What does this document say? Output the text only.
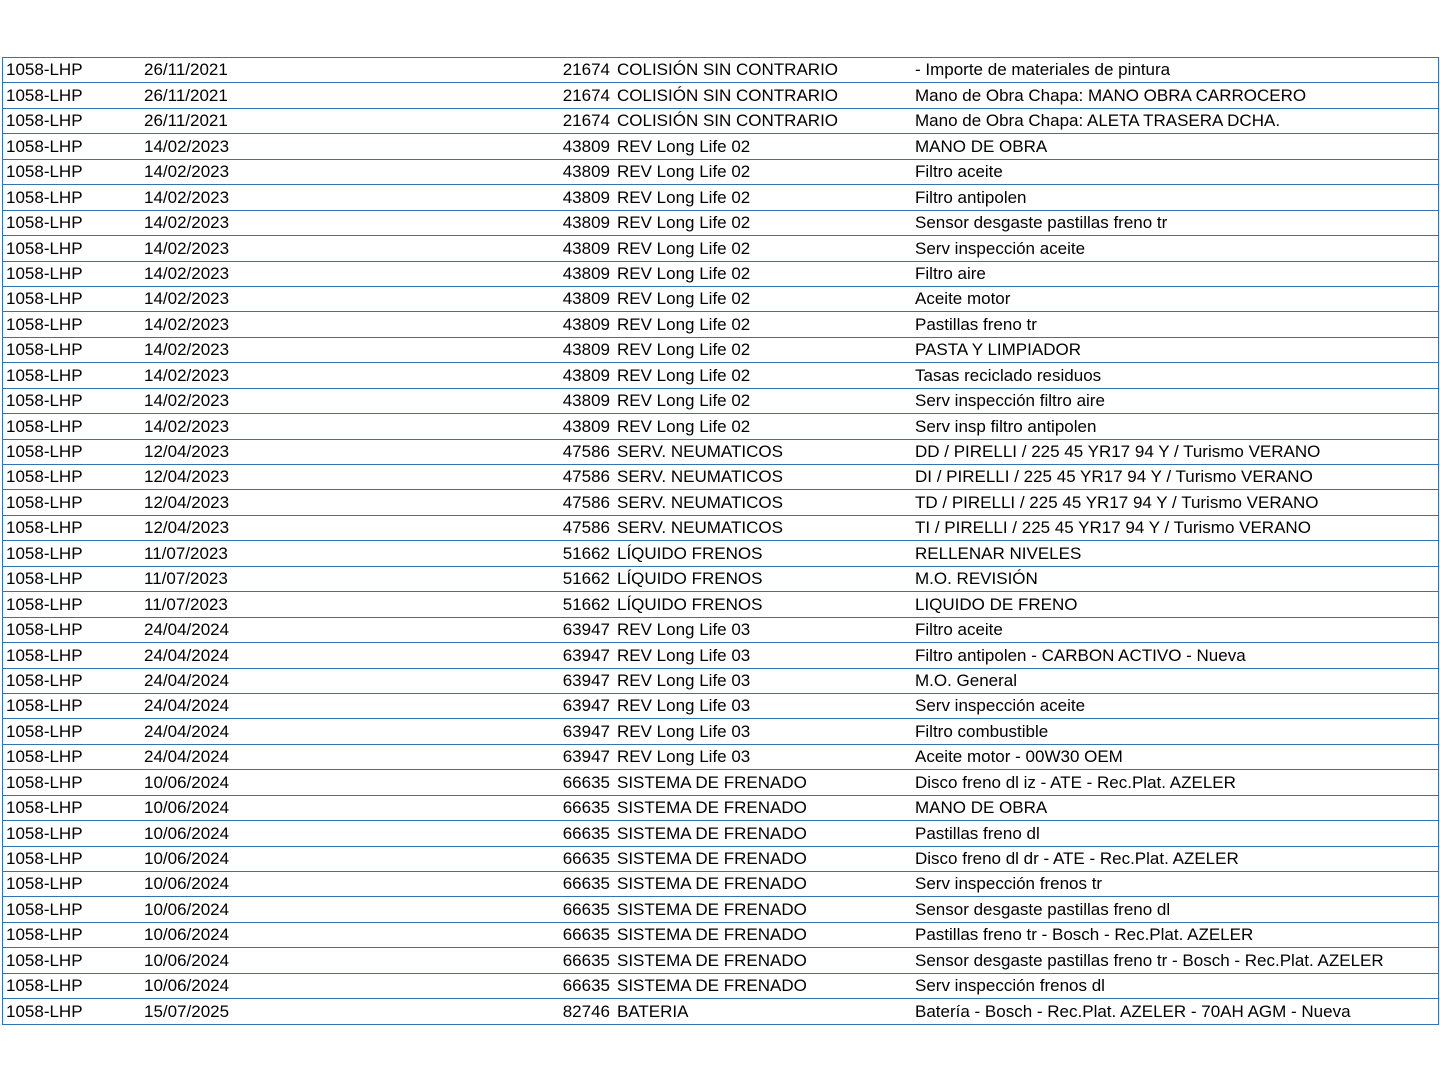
1058-LHP	26/11/2021	21674	COLISIÓN SIN CONTRARIO	- Importe de materiales de pintura
1058-LHP	26/11/2021	21674	COLISIÓN SIN CONTRARIO	Mano de Obra Chapa: MANO OBRA CARROCERO
1058-LHP	26/11/2021	21674	COLISIÓN SIN CONTRARIO	Mano de Obra Chapa: ALETA TRASERA DCHA.
1058-LHP	14/02/2023	43809	REV Long Life 02	MANO DE OBRA
1058-LHP	14/02/2023	43809	REV Long Life 02	Filtro aceite
1058-LHP	14/02/2023	43809	REV Long Life 02	Filtro antipolen
1058-LHP	14/02/2023	43809	REV Long Life 02	Sensor desgaste pastillas freno tr
1058-LHP	14/02/2023	43809	REV Long Life 02	Serv inspección aceite
1058-LHP	14/02/2023	43809	REV Long Life 02	Filtro aire
1058-LHP	14/02/2023	43809	REV Long Life 02	Aceite motor
1058-LHP	14/02/2023	43809	REV Long Life 02	Pastillas freno tr
1058-LHP	14/02/2023	43809	REV Long Life 02	PASTA Y LIMPIADOR
1058-LHP	14/02/2023	43809	REV Long Life 02	Tasas reciclado residuos
1058-LHP	14/02/2023	43809	REV Long Life 02	Serv inspección filtro aire
1058-LHP	14/02/2023	43809	REV Long Life 02	Serv insp filtro antipolen
1058-LHP	12/04/2023	47586	SERV. NEUMATICOS	DD / PIRELLI / 225 45 YR17 94 Y / Turismo VERANO
1058-LHP	12/04/2023	47586	SERV. NEUMATICOS	DI / PIRELLI / 225 45 YR17 94 Y / Turismo VERANO
1058-LHP	12/04/2023	47586	SERV. NEUMATICOS	TD / PIRELLI / 225 45 YR17 94 Y / Turismo VERANO
1058-LHP	12/04/2023	47586	SERV. NEUMATICOS	TI / PIRELLI / 225 45 YR17 94 Y / Turismo VERANO
1058-LHP	11/07/2023	51662	LÍQUIDO FRENOS	RELLENAR NIVELES
1058-LHP	11/07/2023	51662	LÍQUIDO FRENOS	M.O. REVISIÓN
1058-LHP	11/07/2023	51662	LÍQUIDO FRENOS	LIQUIDO DE FRENO
1058-LHP	24/04/2024	63947	REV Long Life 03	Filtro aceite
1058-LHP	24/04/2024	63947	REV Long Life 03	Filtro antipolen - CARBON ACTIVO - Nueva
1058-LHP	24/04/2024	63947	REV Long Life 03	M.O. General
1058-LHP	24/04/2024	63947	REV Long Life 03	Serv inspección aceite
1058-LHP	24/04/2024	63947	REV Long Life 03	Filtro combustible
1058-LHP	24/04/2024	63947	REV Long Life 03	Aceite motor - 00W30 OEM
1058-LHP	10/06/2024	66635	SISTEMA DE FRENADO	Disco freno dl iz - ATE - Rec.Plat. AZELER
1058-LHP	10/06/2024	66635	SISTEMA DE FRENADO	MANO DE OBRA
1058-LHP	10/06/2024	66635	SISTEMA DE FRENADO	Pastillas freno dl
1058-LHP	10/06/2024	66635	SISTEMA DE FRENADO	Disco freno dl dr - ATE - Rec.Plat. AZELER
1058-LHP	10/06/2024	66635	SISTEMA DE FRENADO	Serv inspección frenos tr
1058-LHP	10/06/2024	66635	SISTEMA DE FRENADO	Sensor desgaste pastillas freno dl
1058-LHP	10/06/2024	66635	SISTEMA DE FRENADO	Pastillas freno tr - Bosch - Rec.Plat. AZELER
1058-LHP	10/06/2024	66635	SISTEMA DE FRENADO	Sensor desgaste pastillas freno tr - Bosch - Rec.Plat. AZELER
1058-LHP	10/06/2024	66635	SISTEMA DE FRENADO	Serv inspección frenos dl
1058-LHP	15/07/2025	82746	BATERIA	Batería - Bosch - Rec.Plat. AZELER - 70AH AGM - Nueva
